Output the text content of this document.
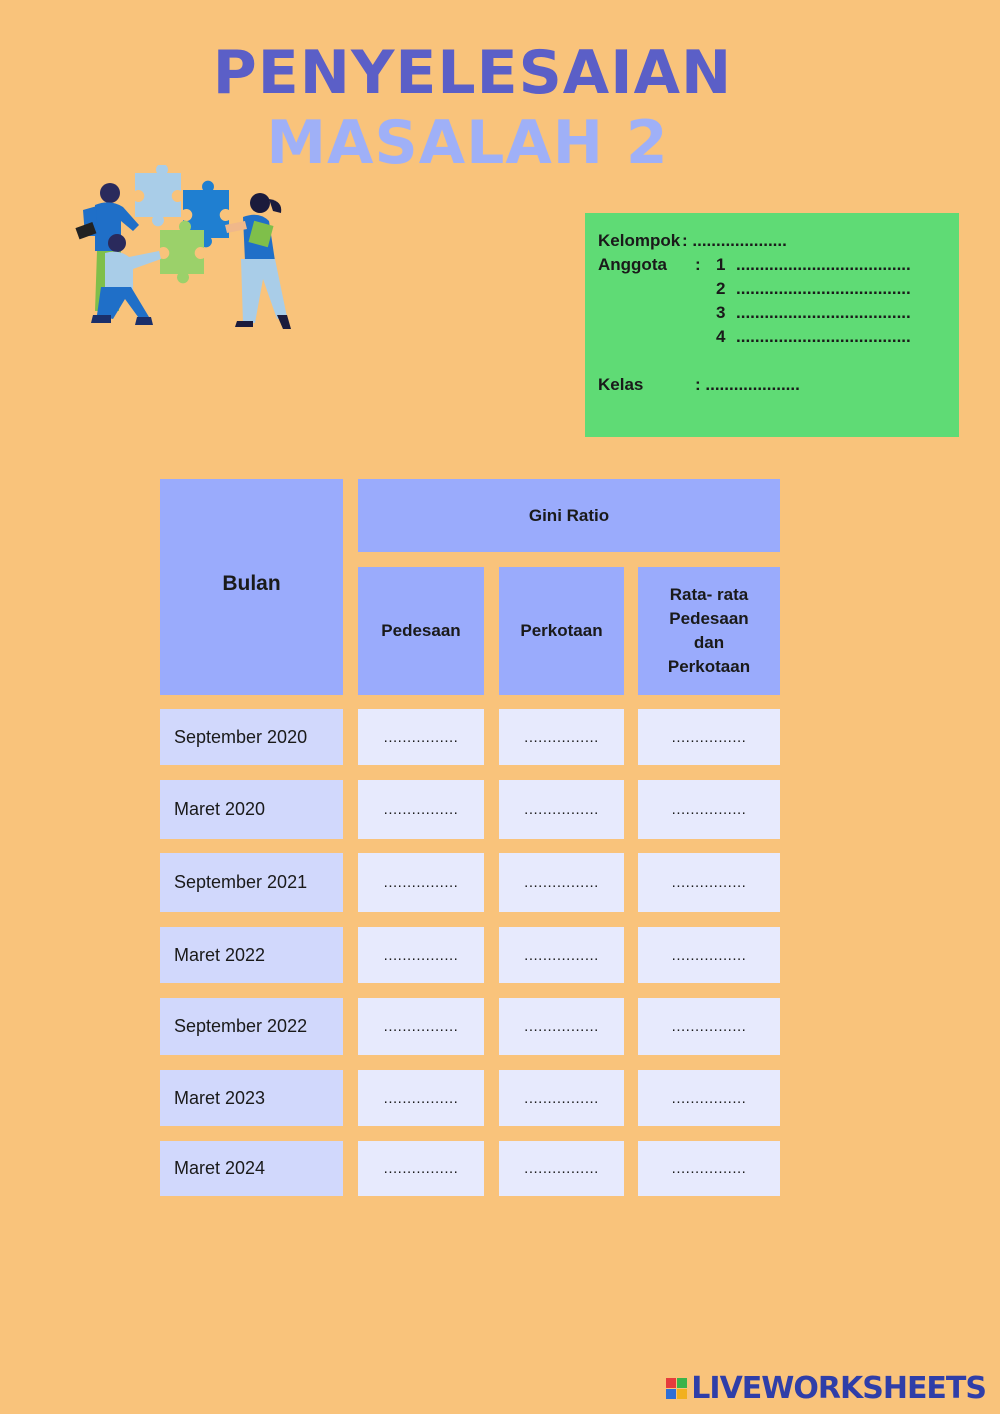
PENYELESAIAN
MASALAH 2
Kelompok : ....................
Anggota : 1 .....................................
2 .....................................
3 .....................................
4 .....................................
Kelas	: ....................
Bulan
Gini Ratio
Pedesaan	Perkotaan
Rata- rata Pedesaan dan Perkotaan
September 2020	................	................	................
Maret 2020	................	................	................
September 2021	................	................	................
Maret 2022	................	................	................
September 2022	................	................	................
Maret 2023	................	................	................
Maret 2024	................	................	................
LIVEWORKSHEETS
